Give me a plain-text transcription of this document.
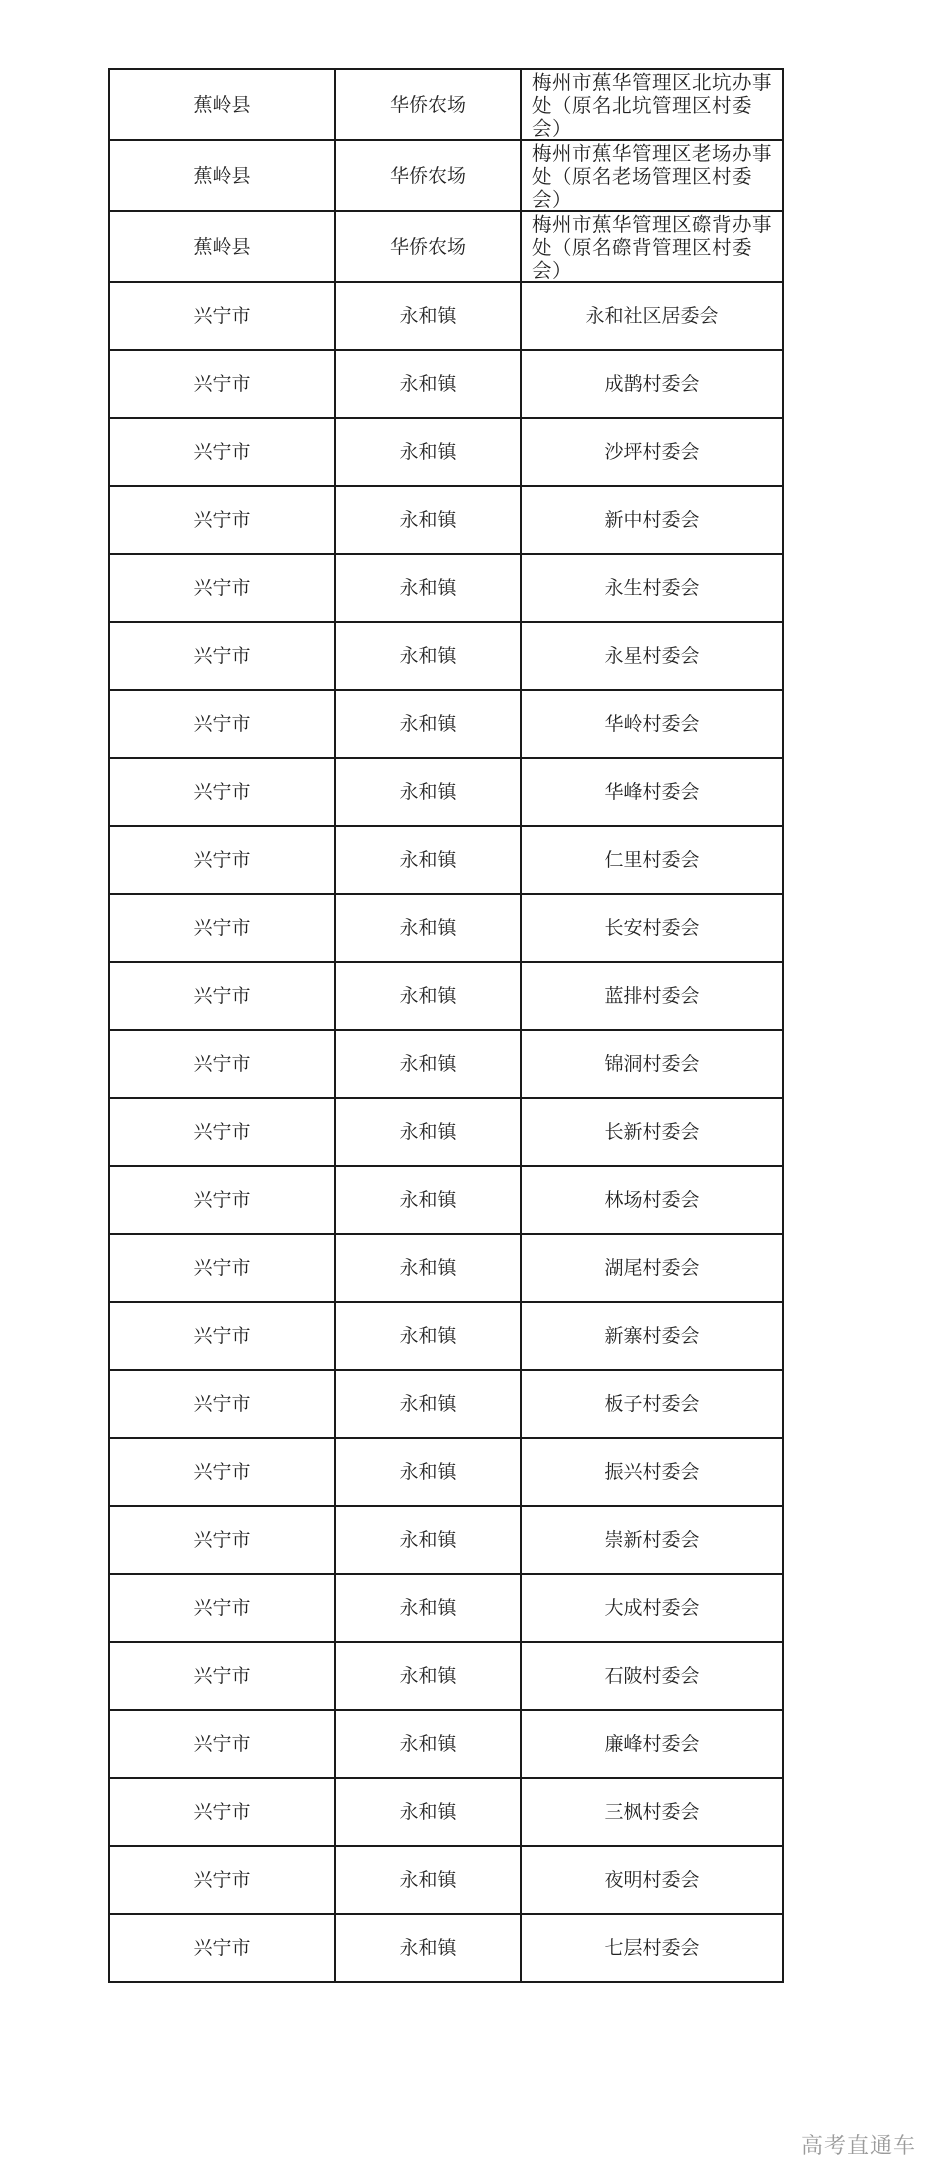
蕉岭县	华侨农场	梅州市蕉华管理区北坑办事处（原名北坑管理区村委会）

蕉岭县	华侨农场	梅州市蕉华管理区老场办事处（原名老场管理区村委会）

蕉岭县	华侨农场	梅州市蕉华管理区磜背办事处（原名磜背管理区村委会）

兴宁市	永和镇	永和社区居委会
兴宁市	永和镇	成鹊村委会
兴宁市	永和镇	沙坪村委会
兴宁市	永和镇	新中村委会
兴宁市	永和镇	永生村委会
兴宁市	永和镇	永星村委会
兴宁市	永和镇	华岭村委会
兴宁市	永和镇	华峰村委会
兴宁市	永和镇	仁里村委会
兴宁市	永和镇	长安村委会
兴宁市	永和镇	蓝排村委会
兴宁市	永和镇	锦洞村委会
兴宁市	永和镇	长新村委会
兴宁市	永和镇	林场村委会
兴宁市	永和镇	湖尾村委会
兴宁市	永和镇	新寨村委会
兴宁市	永和镇	板子村委会
兴宁市	永和镇	振兴村委会
兴宁市	永和镇	崇新村委会
兴宁市	永和镇	大成村委会
兴宁市	永和镇	石陂村委会
兴宁市	永和镇	廉峰村委会
兴宁市	永和镇	三枫村委会
兴宁市	永和镇	夜明村委会
兴宁市	永和镇	七层村委会
高考直通车
